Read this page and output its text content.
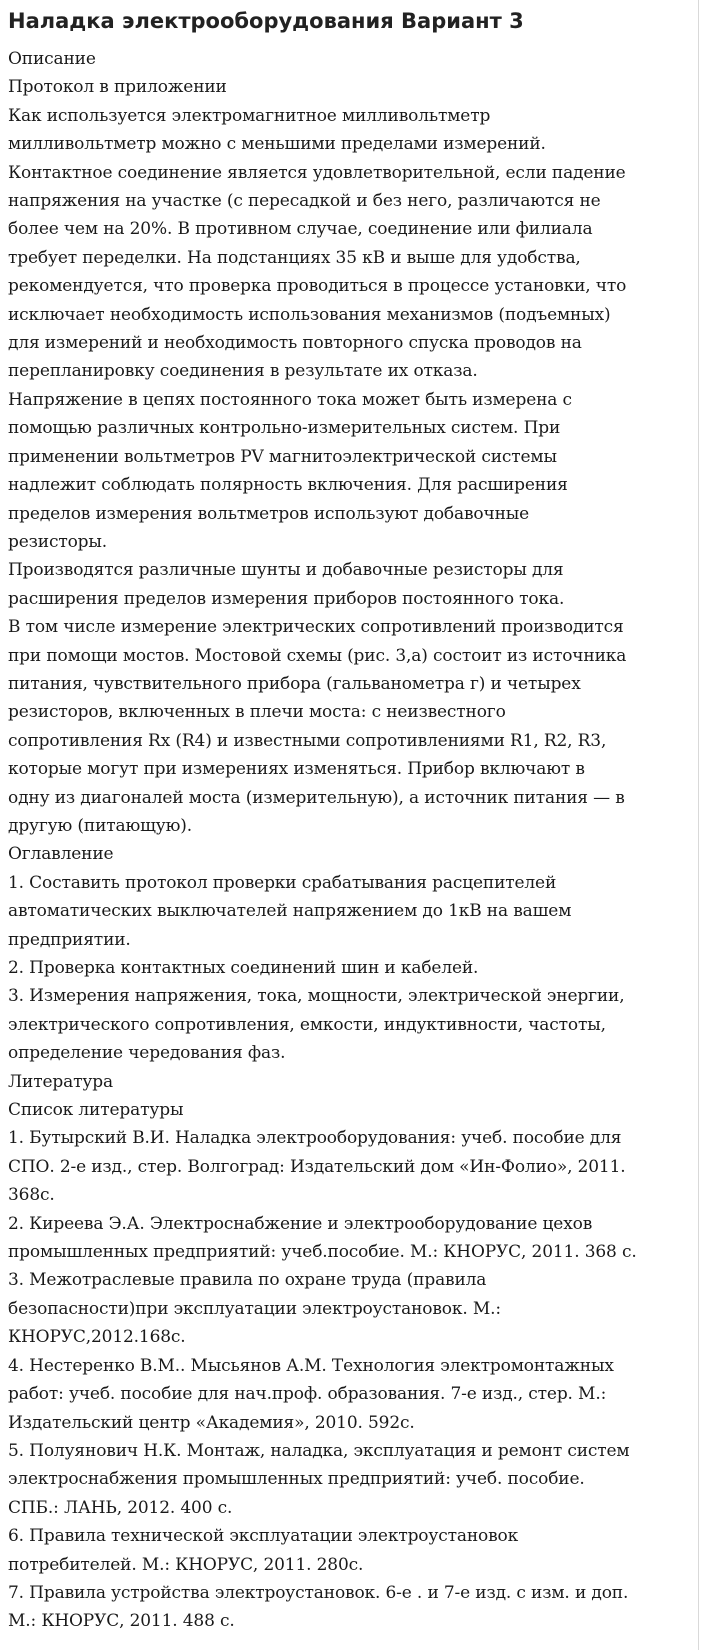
Наладка электрооборудования Вариант 3
Описание
Протокол в приложении
Как используется электромагнитное милливольтметр
милливольтметр можно с меньшими пределами измерений.
Контактное соединение является удовлетворительной, если падение
напряжения на участке (с пересадкой и без него, различаются не
более чем на 20%. В противном случае, соединение или филиала
требует переделки. На подстанциях 35 кВ и выше для удобства,
рекомендуется, что проверка проводиться в процессе установки, что
исключает необходимость использования механизмов (подъемных)
для измерений и необходимость повторного спуска проводов на
перепланировку соединения в результате их отказа.
Напряжение в цепях постоянного тока может быть измерена с
помощью различных контрольно-измерительных систем. При
применении вольтметров PV магнитоэлектрической системы
надлежит соблюдать полярность включения. Для расширения
пределов измерения вольтметров используют добавочные
резисторы.
Производятся различные шунты и добавочные резисторы для
расширения пределов измерения приборов постоянного тока.
В том числе измерение электрических сопротивлений производится
при помощи мостов. Мостовой схемы (рис. 3,а) состоит из источника
питания, чувствительного прибора (гальванометра г) и четырех
резисторов, включенных в плечи моста: с неизвестного
сопротивления Rx (R4) и известными сопротивлениями R1, R2, R3,
которые могут при измерениях изменяться. Прибор включают в
одну из диагоналей моста (измерительную), а источник питания — в
другую (питающую).
Оглавление
1. Составить протокол проверки срабатывания расцепителей
автоматических выключателей напряжением до 1кВ на вашем
предприятии.
2. Проверка контактных соединений шин и кабелей.
3. Измерения напряжения, тока, мощности, электрической энергии,
электрического сопротивления, емкости, индуктивности, частоты,
определение чередования фаз.
Литература
Список литературы
1. Бутырский В.И. Наладка электрооборудования: учеб. пособие для
СПО. 2-е изд., стер. Волгоград: Издательский дом «Ин-Фолио», 2011.
368с.
2. Киреева Э.А. Электроснабжение и электрооборудование цехов
промышленных предприятий: учеб.пособие. М.: КНОРУС, 2011. 368 с.
3. Межотраслевые правила по охране труда (правила
безопасности)при эксплуатации электроустановок. М.:
КНОРУС,2012.168с.
4. Нестеренко В.М.. Мысьянов А.М. Технология электромонтажных
работ: учеб. пособие для нач.проф. образования. 7-е изд., стер. М.:
Издательский центр «Академия», 2010. 592с.
5. Полуянович Н.К. Монтаж, наладка, эксплуатация и ремонт систем
электроснабжения промышленных предприятий: учеб. пособие.
СПБ.: ЛАНЬ, 2012. 400 с.
6. Правила технической эксплуатации электроустановок
потребителей. М.: КНОРУС, 2011. 280с.
7. Правила устройства электроустановок. 6-е . и 7-е изд. с изм. и доп.
М.: КНОРУС, 2011. 488 с.
